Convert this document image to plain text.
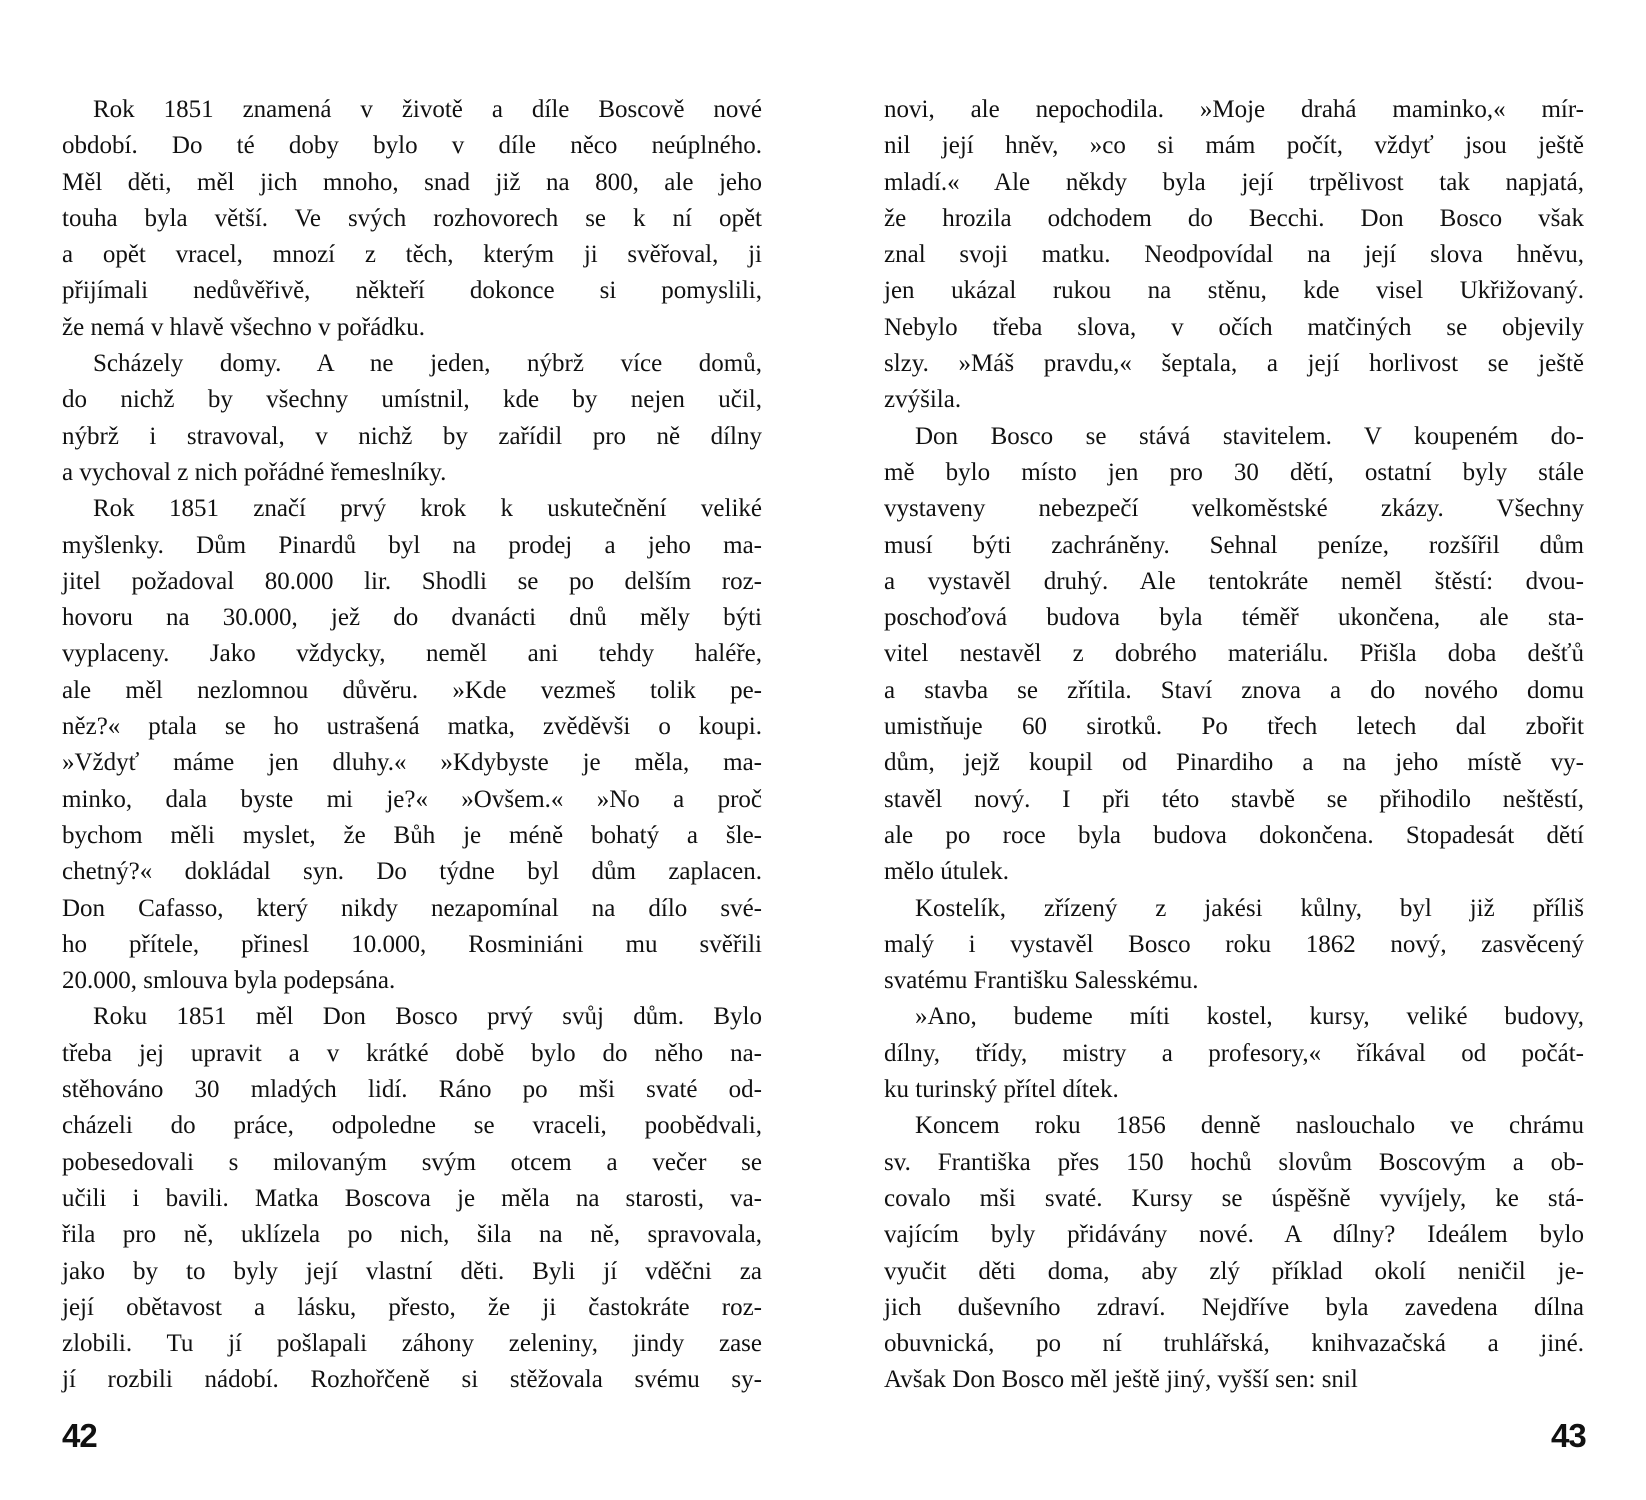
Rok 1851 znamená v životě a díle Boscově nové
období. Do té doby bylo v díle něco neúplného.
Měl děti, měl jich mnoho, snad již na 800, ale jeho
touha byla větší. Ve svých rozhovorech se k ní opět
a opět vracel, mnozí z těch, kterým ji svěřoval, ji
přijímali nedůvěřivě, někteří dokonce si pomyslili,
že nemá v hlavě všechno v pořádku.
Scházely domy. A ne jeden, nýbrž více domů,
do nichž by všechny umístnil, kde by nejen učil,
nýbrž i stravoval, v nichž by zařídil pro ně dílny
a vychoval z nich pořádné řemeslníky.
Rok 1851 značí prvý krok k uskutečnění veliké
myšlenky. Dům Pinardů byl na prodej a jeho ma-
jitel požadoval 80.000 lir. Shodli se po delším roz-
hovoru na 30.000, jež do dvanácti dnů měly býti
vyplaceny. Jako vždycky, neměl ani tehdy haléře,
ale měl nezlomnou důvěru. »Kde vezmeš tolik pe-
něz?« ptala se ho ustrašená matka, zvěděvši o koupi.
»Vždyť máme jen dluhy.« »Kdybyste je měla, ma-
minko, dala byste mi je?« »Ovšem.« »No a proč
bychom měli myslet, že Bůh je méně bohatý a šle-
chetný?« dokládal syn. Do týdne byl dům zaplacen.
Don Cafasso, který nikdy nezapomínal na dílo své-
ho přítele, přinesl 10.000, Rosminiáni mu svěřili
20.000, smlouva byla podepsána.
Roku 1851 měl Don Bosco prvý svůj dům. Bylo
třeba jej upravit a v krátké době bylo do něho na-
stěhováno 30 mladých lidí. Ráno po mši svaté od-
cházeli do práce, odpoledne se vraceli, poobědvali,
pobesedovali s milovaným svým otcem a večer se
učili i bavili. Matka Boscova je měla na starosti, va-
řila pro ně, uklízela po nich, šila na ně, spravovala,
jako by to byly její vlastní děti. Byli jí vděčni za
její obětavost a lásku, přesto, že ji častokráte roz-
zlobili. Tu jí pošlapali záhony zeleniny, jindy zase
jí rozbili nádobí. Rozhořčeně si stěžovala svému sy-
novi, ale nepochodila. »Moje drahá maminko,« mír-
nil její hněv, »co si mám počít, vždyť jsou ještě
mladí.« Ale někdy byla její trpělivost tak napjatá,
že hrozila odchodem do Becchi. Don Bosco však
znal svoji matku. Neodpovídal na její slova hněvu,
jen ukázal rukou na stěnu, kde visel Ukřižovaný.
Nebylo třeba slova, v očích matčiných se objevily
slzy. »Máš pravdu,« šeptala, a její horlivost se ještě
zvýšila.
Don Bosco se stává stavitelem. V koupeném do-
mě bylo místo jen pro 30 dětí, ostatní byly stále
vystaveny nebezpečí velkoměstské zkázy. Všechny
musí býti zachráněny. Sehnal peníze, rozšířil dům
a vystavěl druhý. Ale tentokráte neměl štěstí: dvou-
poschoďová budova byla téměř ukončena, ale sta-
vitel nestavěl z dobrého materiálu. Přišla doba dešťů
a stavba se zřítila. Staví znova a do nového domu
umistňuje 60 sirotků. Po třech letech dal zbořit
dům, jejž koupil od Pinardiho a na jeho místě vy-
stavěl nový. I při této stavbě se přihodilo neštěstí,
ale po roce byla budova dokončena. Stopadesát dětí
mělo útulek.
Kostelík, zřízený z jakési kůlny, byl již příliš
malý i vystavěl Bosco roku 1862 nový, zasvěcený
svatému Františku Salesskému.
»Ano, budeme míti kostel, kursy, veliké budovy,
dílny, třídy, mistry a profesory,« říkával od počát-
ku turinský přítel dítek.
Koncem roku 1856 denně naslouchalo ve chrámu
sv. Františka přes 150 hochů slovům Boscovým a ob-
covalo mši svaté. Kursy se úspěšně vyvíjely, ke stá-
vajícím byly přidávány nové. A dílny? Ideálem bylo
vyučit děti doma, aby zlý příklad okolí neničil je-
jich duševního zdraví. Nejdříve byla zavedena dílna
obuvnická, po ní truhlářská, knihvazačská a jiné.
Avšak Don Bosco měl ještě jiný, vyšší sen: snil
42	43
